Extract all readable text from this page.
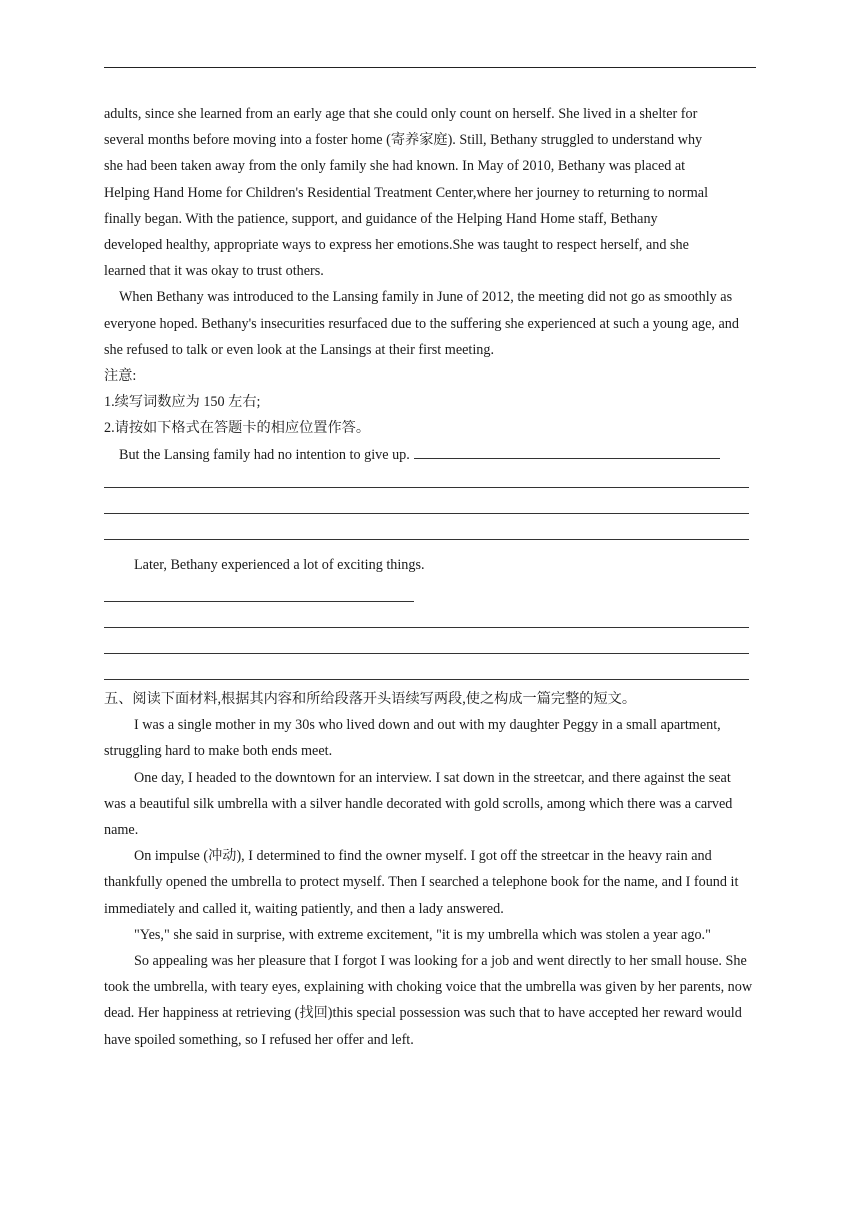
adults, since she learned from an early age that she could only count on herself. She lived in a shelter for

several months before moving into a foster home (寄养家庭). Still, Bethany struggled to understand why

she had been taken away from the only family she had known. In May of 2010, Bethany was placed at

Helping Hand Home for Children's Residential Treatment Center,where her journey to returning to normal

finally began. With the patience, support, and guidance of the Helping Hand Home staff, Bethany

developed healthy, appropriate ways to express her emotions.She was taught to respect herself, and she

learned that it was okay to trust others.

When Bethany was introduced to the Lansing family in June of 2012, the meeting did not go as smoothly as everyone hoped. Bethany's insecurities resurfaced due to the suffering she experienced at such a young age, and she refused to talk or even look at the Lansings at their first meeting.

注意:

1.续写词数应为 150 左右;

2.请按如下格式在答题卡的相应位置作答。

But the Lansing family had no intention to give up.

Later, Bethany experienced a lot of exciting things.

五、阅读下面材料,根据其内容和所给段落开头语续写两段,使之构成一篇完整的短文。

I was a single mother in my 30s who lived down and out with my daughter Peggy in a small apartment, struggling hard to make both ends meet.

One day, I headed to the downtown for an interview. I sat down in the streetcar, and there against the seat was a beautiful silk umbrella with a silver handle decorated with gold scrolls, among which there was a carved name.

On impulse (冲动), I determined to find the owner myself. I got off the streetcar in the heavy rain and thankfully opened the umbrella to protect myself. Then I searched a telephone book for the name, and I found it immediately and called it, waiting patiently, and then a lady answered.

"Yes," she said in surprise, with extreme excitement, "it is my umbrella which was stolen a year ago."

So appealing was her pleasure that I forgot I was looking for a job and went directly to her small house. She took the umbrella, with teary eyes, explaining with choking voice that the umbrella was given by her parents, now dead. Her happiness at retrieving (找回)this special possession was such that to have accepted her reward would have spoiled something, so I refused her offer and left.
